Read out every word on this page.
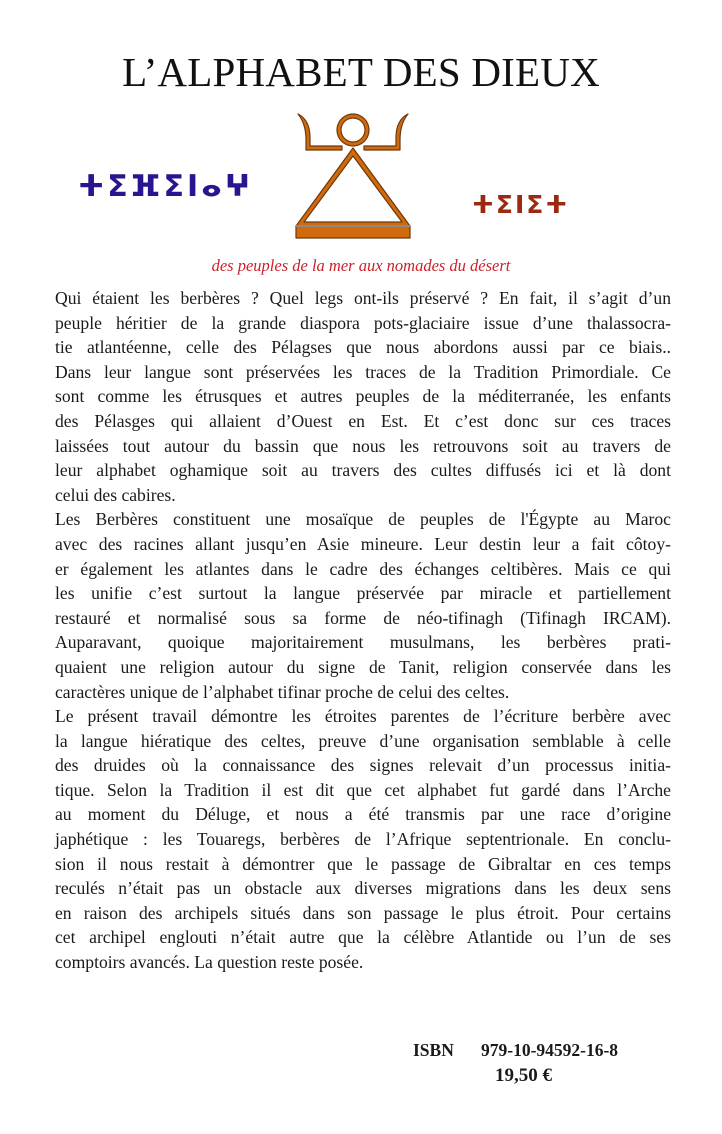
L’ALPHABET DES DIEUX
ⵜⵉⴼⵉⵏⴰⵖ
ⵜⵉⵏⵉⵜ
des peuples de la mer aux nomades du désert
Qui étaient les berbères ? Quel legs ont-ils préservé ? En fait, il s’agit d’un
peuple héritier de la grande diaspora pots-glaciaire issue d’une thalassocra-
tie atlantéenne, celle des Pélagses que nous abordons aussi par ce biais..
Dans leur langue sont préservées les traces de la Tradition Primordiale. Ce
sont comme les étrusques et autres peuples de la méditerranée, les enfants
des Pélasges qui allaient d’Ouest en Est. Et c’est donc sur ces traces
laissées tout autour du bassin que nous les retrouvons soit au travers de
leur alphabet oghamique soit au travers des cultes diffusés ici et là dont
celui des cabires.
Les Berbères constituent une mosaïque de peuples de l'Égypte au Maroc
avec des racines allant jusqu’en Asie mineure. Leur destin leur a fait côtoy-
er également les atlantes dans le cadre des échanges celtibères. Mais ce qui
les unifie c’est surtout la langue préservée par miracle et partiellement
restauré et normalisé sous sa forme de néo-tifinagh (Tifinagh IRCAM).
Auparavant, quoique majoritairement musulmans, les berbères prati-
quaient une religion autour du signe de Tanit, religion conservée dans les
caractères unique de l’alphabet tifinar proche de celui des celtes.
Le présent travail démontre les étroites parentes de l’écriture berbère avec
la langue hiératique des celtes, preuve d’une organisation semblable à celle
des druides où la connaissance des signes relevait d’un processus initia-
tique. Selon la Tradition il est dit que cet alphabet fut gardé dans l’Arche
au moment du Déluge, et nous a été transmis par une race d’origine
japhétique : les Touaregs, berbères de l’Afrique septentrionale. En conclu-
sion il nous restait à démontrer que le passage de Gibraltar en ces temps
reculés n’était pas un obstacle aux diverses migrations dans les deux sens
en raison des archipels situés dans son passage le plus étroit. Pour certains
cet archipel englouti n’était autre que la célèbre Atlantide ou l’un de ses
comptoirs avancés. La question reste posée.
ISBN 979-10-94592-16-8
19,50 €
